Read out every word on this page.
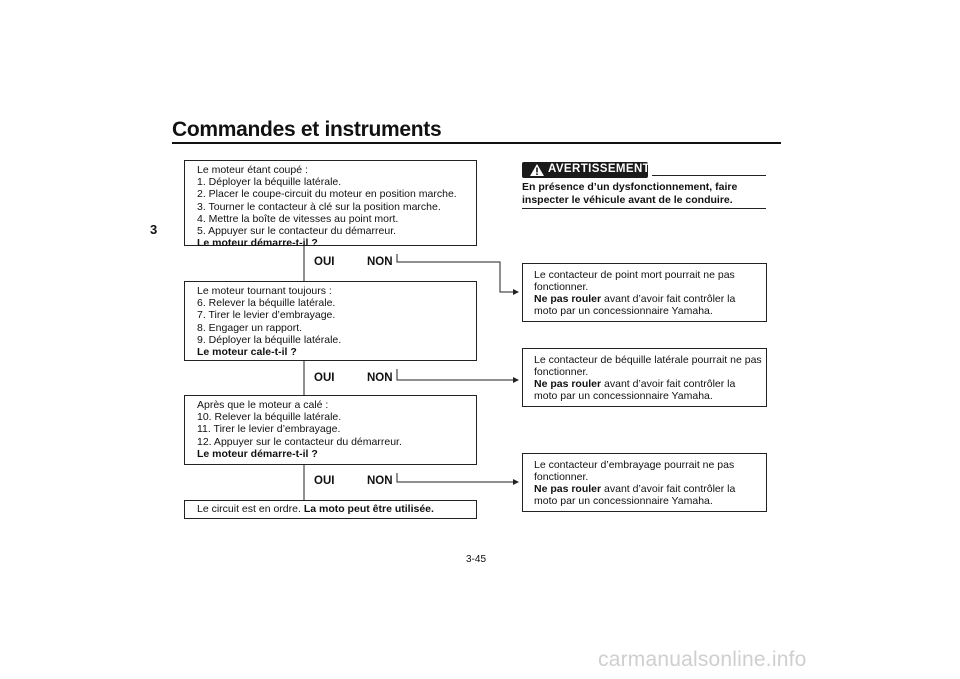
Commandes et instruments
3
Le moteur étant coupé :
1. Déployer la béquille latérale.
2. Placer le coupe-circuit du moteur en position marche.
3. Tourner le contacteur à clé sur la position marche.
4. Mettre la boîte de vitesses au point mort.
5. Appuyer sur le contacteur du démarreur.
Le moteur démarre-t-il ?
OUI	NON
Le moteur tournant toujours :
6. Relever la béquille latérale.
7. Tirer le levier d’embrayage.
8. Engager un rapport.
9. Déployer la béquille latérale.
Le moteur cale-t-il ?
OUI	NON
Après que le moteur a calé :
10. Relever la béquille latérale.
11. Tirer le levier d’embrayage.
12. Appuyer sur le contacteur du démarreur.
Le moteur démarre-t-il ?
OUI	NON
Le circuit est en ordre. La moto peut être utilisée.
AVERTISSEMENT
En présence d’un dysfonctionnement, faire
inspecter le véhicule avant de le conduire.
Le contacteur de point mort pourrait ne pas
fonctionner.
Ne pas rouler avant d’avoir fait contrôler la
moto par un concessionnaire Yamaha.
Le contacteur de béquille latérale pourrait ne pas
fonctionner.
Ne pas rouler avant d’avoir fait contrôler la
moto par un concessionnaire Yamaha.
Le contacteur d’embrayage pourrait ne pas
fonctionner.
Ne pas rouler avant d’avoir fait contrôler la
moto par un concessionnaire Yamaha.
3-45
carmanualsonline.info
